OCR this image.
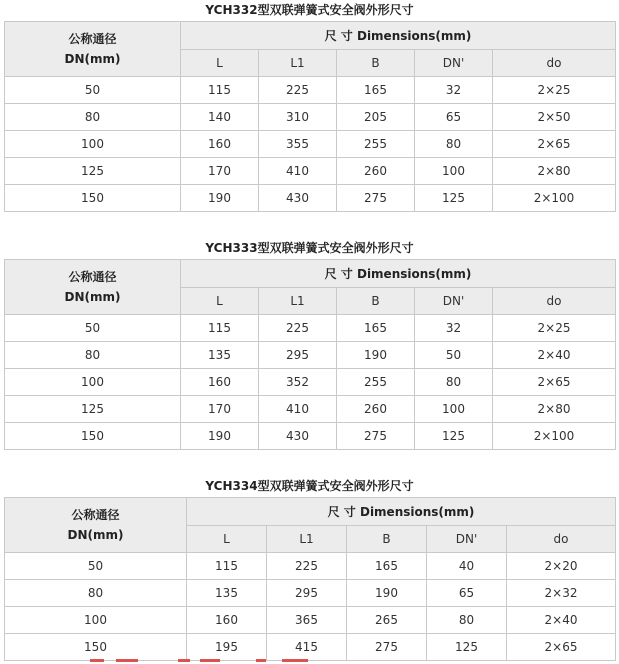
YCH332型双联弹簧式安全阀外形尺寸
公称通径
DN(mm)	尺 寸 Dimensions(mm)				
	L	L1	B	DN'	do
50	115	225	165	32	2×25
80	140	310	205	65	2×50
100	160	355	255	80	2×65
125	170	410	260	100	2×80
150	190	430	275	125	2×100
YCH333型双联弹簧式安全阀外形尺寸
公称通径
DN(mm)	尺 寸 Dimensions(mm)				
	L	L1	B	DN'	do
50	115	225	165	32	2×25
80	135	295	190	50	2×40
100	160	352	255	80	2×65
125	170	410	260	100	2×80
150	190	430	275	125	2×100
YCH334型双联弹簧式安全阀外形尺寸
公称通径
DN(mm)	尺 寸 Dimensions(mm)				
	L	L1	B	DN'	do
50	115	225	165	40	2×20
80	135	295	190	65	2×32
100	160	365	265	80	2×40
150	195	415	275	125	2×65
